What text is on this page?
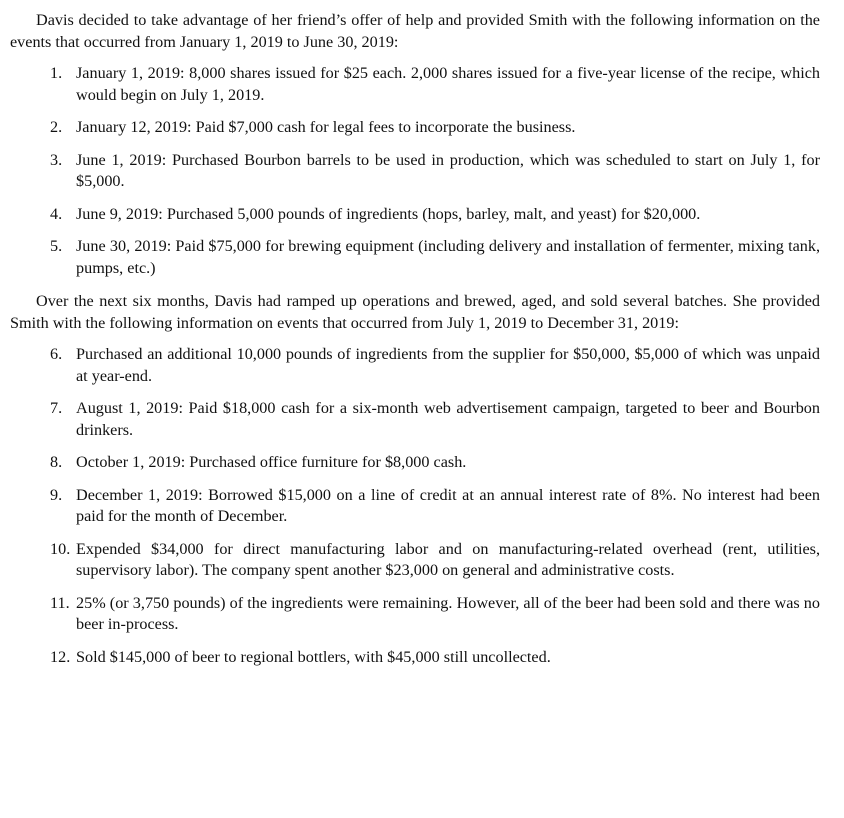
Davis decided to take advantage of her friend’s offer of help and provided Smith with the following information on the events that occurred from January 1, 2019 to June 30, 2019:

1. January 1, 2019: 8,000 shares issued for $25 each. 2,000 shares issued for a five-year license of the recipe, which would begin on July 1, 2019.
2. January 12, 2019: Paid $7,000 cash for legal fees to incorporate the business.
3. June 1, 2019: Purchased Bourbon barrels to be used in production, which was scheduled to start on July 1, for $5,000.
4. June 9, 2019: Purchased 5,000 pounds of ingredients (hops, barley, malt, and yeast) for $20,000.
5. June 30, 2019: Paid $75,000 for brewing equipment (including delivery and installation of fermenter, mixing tank, pumps, etc.)

Over the next six months, Davis had ramped up operations and brewed, aged, and sold several batches. She provided Smith with the following information on events that occurred from July 1, 2019 to December 31, 2019:

6. Purchased an additional 10,000 pounds of ingredients from the supplier for $50,000, $5,000 of which was unpaid at year-end.
7. August 1, 2019: Paid $18,000 cash for a six-month web advertisement campaign, targeted to beer and Bourbon drinkers.
8. October 1, 2019: Purchased office furniture for $8,000 cash.
9. December 1, 2019: Borrowed $15,000 on a line of credit at an annual interest rate of 8%. No interest had been paid for the month of December.
10. Expended $34,000 for direct manufacturing labor and on manufacturing-related overhead (rent, utilities, supervisory labor). The company spent another $23,000 on general and administrative costs.
11. 25% (or 3,750 pounds) of the ingredients were remaining. However, all of the beer had been sold and there was no beer in-process.
12. Sold $145,000 of beer to regional bottlers, with $45,000 still uncollected.
